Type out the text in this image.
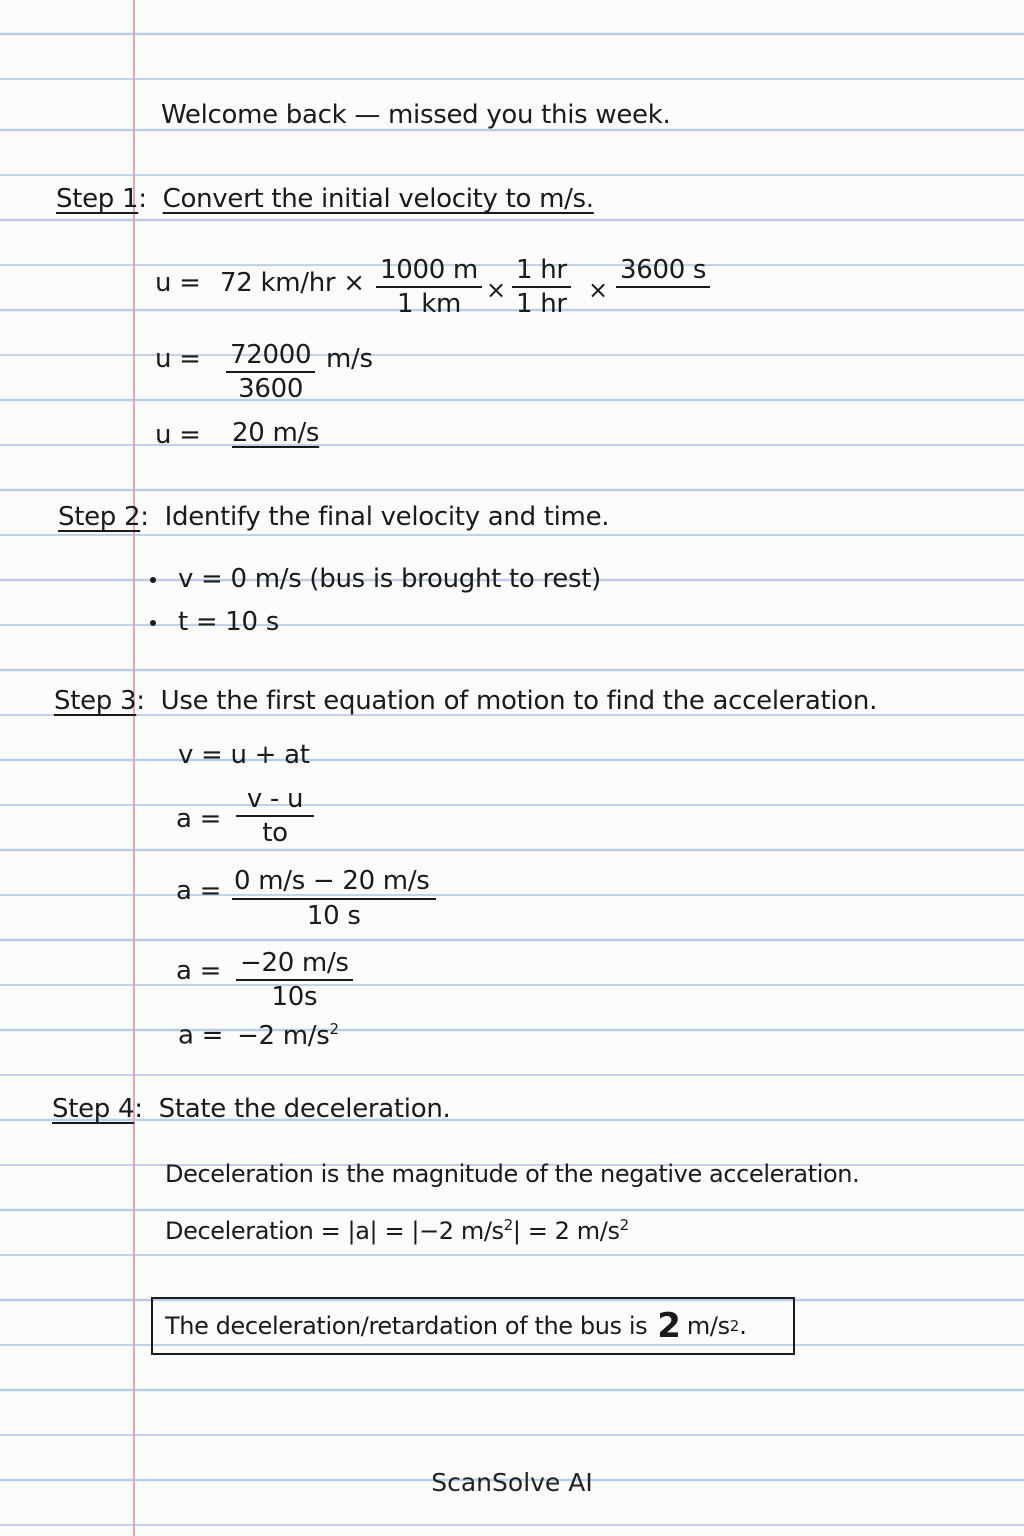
Welcome back — missed you this week.
Step 1: Convert the initial velocity to m/s.
u = 72 $km/hr \times \frac{1000 m}{1 km} \times \frac{1 hr}{1 hr}$ ×
3600 s
$u = \frac{72000}{3600} m/s$
u = 20 m/s
Step 2: Identify the final velocity and time.
v = 0 m/s (bus is brought to rest)
t = 10 s
Step 3: Use the first equation of motion to find the acceleration.
v = u + at
$a = \frac{v - u}{to}$
$a = \frac{0 m/s - 20 m/s}{10 s}$
$a = \frac{-20 m/s}{10s}$
a = −2 $m/s^2$
Step 4: State the deceleration.
Deceleration is the magnitude of the negative acceleration.
Deceleration = |a| = |−2 $m/s^2| = 2$ $m/s^2$
The deceleration/retardation of the bus is 2 m/s 2 .
ScanSolve AI
